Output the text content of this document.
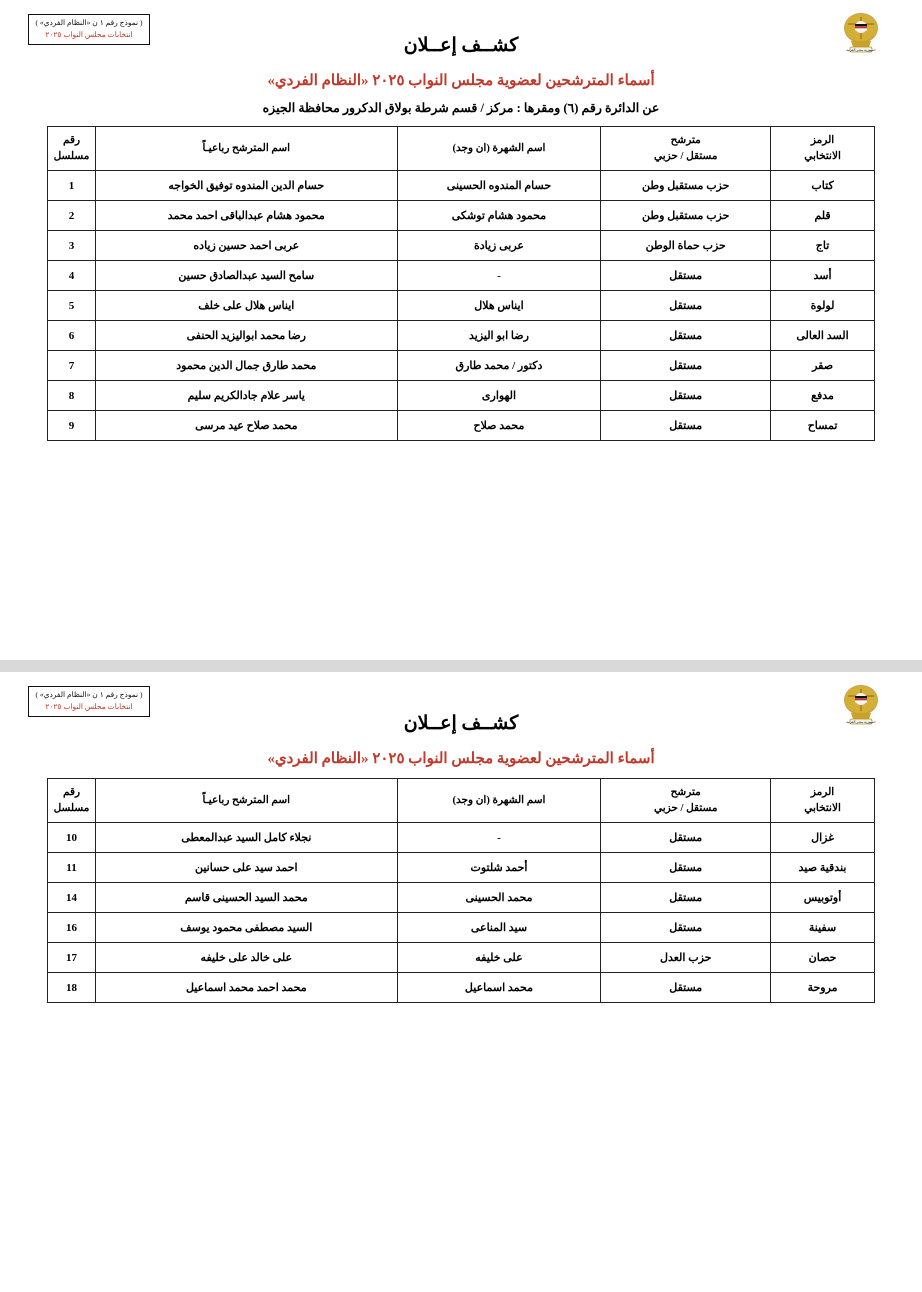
( نموذج رقم ١ ن «النظام الفردي» )
انتخابات مجلس النواب ٢٠٢٥
جمهورية مصر العربية
كشــف إعــلان
أسماء المترشحين لعضوية مجلس النواب ٢٠٢٥ «النظام الفردي»
عن الدائرة رقم (٦) ومقرها : مركز / قسم شرطة بولاق الدكرور محافظة الجيزه
الرمز
الانتخابي

مترشح
مستقل / حزبي
	اسم الشهرة (ان وجد)	اسم المترشح رباعيـاً	
رقم
مسلسل

كتاب	حزب مستقبل وطن	حسام المندوه الحسينى	حسام الدين المندوه توفيق الخواجه	1
قلم	حزب مستقبل وطن	محمود هشام توشكى	محمود هشام عبدالباقى احمد محمد	2
تاج	حزب حماة الوطن	عربى زيادة	عربى احمد حسين زياده	3
أسد	مستقل	-	سامح السيد عبدالصادق حسين	4
لولوة	مستقل	ايناس هلال	ايناس هلال على خلف	5
السد العالى	مستقل	رضا ابو اليزيد	رضا محمد ابواليزيد الحنفى	6
صقر	مستقل	دكتور / محمد طارق	محمد طارق جمال الدين محمود	7
مدفع	مستقل	الهوارى	ياسر علام جادالكريم سليم	8
تمساح	مستقل	محمد صلاح	محمد صلاح عيد مرسى	9
( نموذج رقم ١ ن «النظام الفردي» )
انتخابات مجلس النواب ٢٠٢٥
جمهورية مصر العربية
كشــف إعــلان
أسماء المترشحين لعضوية مجلس النواب ٢٠٢٥ «النظام الفردي»
الرمز
الانتخابي

مترشح
مستقل / حزبي
	اسم الشهرة (ان وجد)	اسم المترشح رباعيـاً	
رقم
مسلسل

غزال	مستقل	-	نجلاء كامل السيد عبدالمعطى	10
بندقية صيد	مستقل	أحمد شلتوت	احمد سيد على حسانين	11
أوتوبيس	مستقل	محمد الحسينى	محمد السيد الحسينى قاسم	14
سفينة	مستقل	سيد المناعى	السيد مصطفى محمود يوسف	16
حصان	حزب العدل	على خليفه	على خالد على خليفه	17
مروحة	مستقل	محمد اسماعيل	محمد احمد محمد اسماعيل	18
